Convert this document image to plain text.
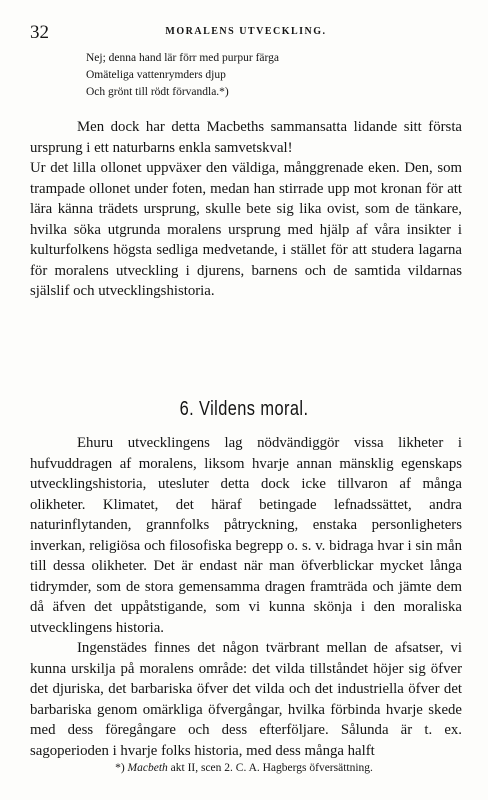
32	MORALENS UTVECKLING.
Nej; denna hand lär förr med purpur färga
Omäteliga vattenrymders djup
Och grönt till rödt förvandla.*)

Men dock har detta Macbeths sammansatta lidande sitt första ursprung i ett naturbarns enkla samvetskval!

Ur det lilla ollonet uppväxer den väldiga, månggrenade eken. Den, som trampade ollonet under foten, medan han stirrade upp mot kronan för att lära känna trädets ursprung, skulle bete sig lika ovist, som de tänkare, hvilka söka utgrunda moralens ursprung med hjälp af våra insikter i kulturfolkens högsta sedliga medvetande, i stället för att studera lagarna för moralens utveckling i djurens, barnens och de samtida vildarnas själslif och utvecklingshistoria.

6. Vildens moral.

Ehuru utvecklingens lag nödvändiggör vissa likheter i hufvuddragen af moralens, liksom hvarje annan mänsklig egenskaps utvecklingshistoria, utesluter detta dock icke tillvaron af många olikheter. Klimatet, det häraf betingade lefnadssättet, andra naturinflytanden, grannfolks påtryckning, enstaka personligheters inverkan, religiösa och filosofiska begrepp o. s. v. bidraga hvar i sin mån till dessa olikheter. Det är endast när man öfverblickar mycket långa tidrymder, som de stora gemensamma dragen framträda och jämte dem då äfven det uppåtstigande, som vi kunna skönja i den moraliska utvecklingens historia.

Ingenstädes finnes det någon tvärbrant mellan de afsatser, vi kunna urskilja på moralens område: det vilda tillståndet höjer sig öfver det djuriska, det barbariska öfver det vilda och det industriella öfver det barbariska genom omärkliga öfvergångar, hvilka förbinda hvarje skede med dess föregångare och dess efterföljare. Sålunda är t. ex. sagoperioden i hvarje folks historia, med dess många halft

*) Macbeth akt II, scen 2. C. A. Hagbergs öfversättning.
